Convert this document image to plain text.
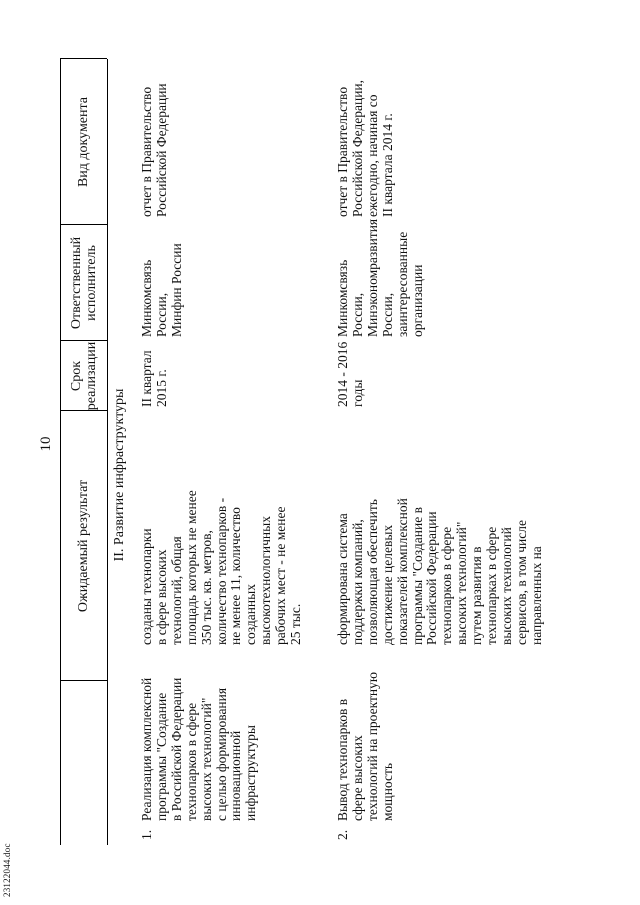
10
23122044.doc
Ожидаемый результат
Срок
реализации
Ответственный
исполнитель
Вид документа
II. Развитие инфраструктуры
1.
Реализация комплексной
программы "Создание
в Российской Федерации
технопарков в сфере
высоких технологий"
с целью формирования
инновационной
инфраструктуры
созданы технопарки
в сфере высоких
технологий, общая
площадь которых не менее
350 тыс. кв. метров,
количество технопарков -
не менее 11, количество
созданных
высокотехнологичных
рабочих мест - не менее
25 тыс.
II квартал
2015 г.
Минкомсвязь
России,
Минфин России
отчет в Правительство
Российской Федерации
2.
Вывод технопарков в
сфере высоких
технологий на проектную
мощность
сформирована система
поддержки компаний,
позволяющая обеспечить
достижение целевых
показателей комплексной
программы "Создание в
Российской Федерации
технопарков в сфере
высоких технологий"
путем развития в
технопарках в сфере
высоких технологий
сервисов, в том числе
направленных на
2014 - 2016
годы
Минкомсвязь
России,
Минэкономразвития
России,
заинтересованные
организации
отчет в Правительство
Российской Федерации,
ежегодно, начиная со
II квартала 2014 г.
